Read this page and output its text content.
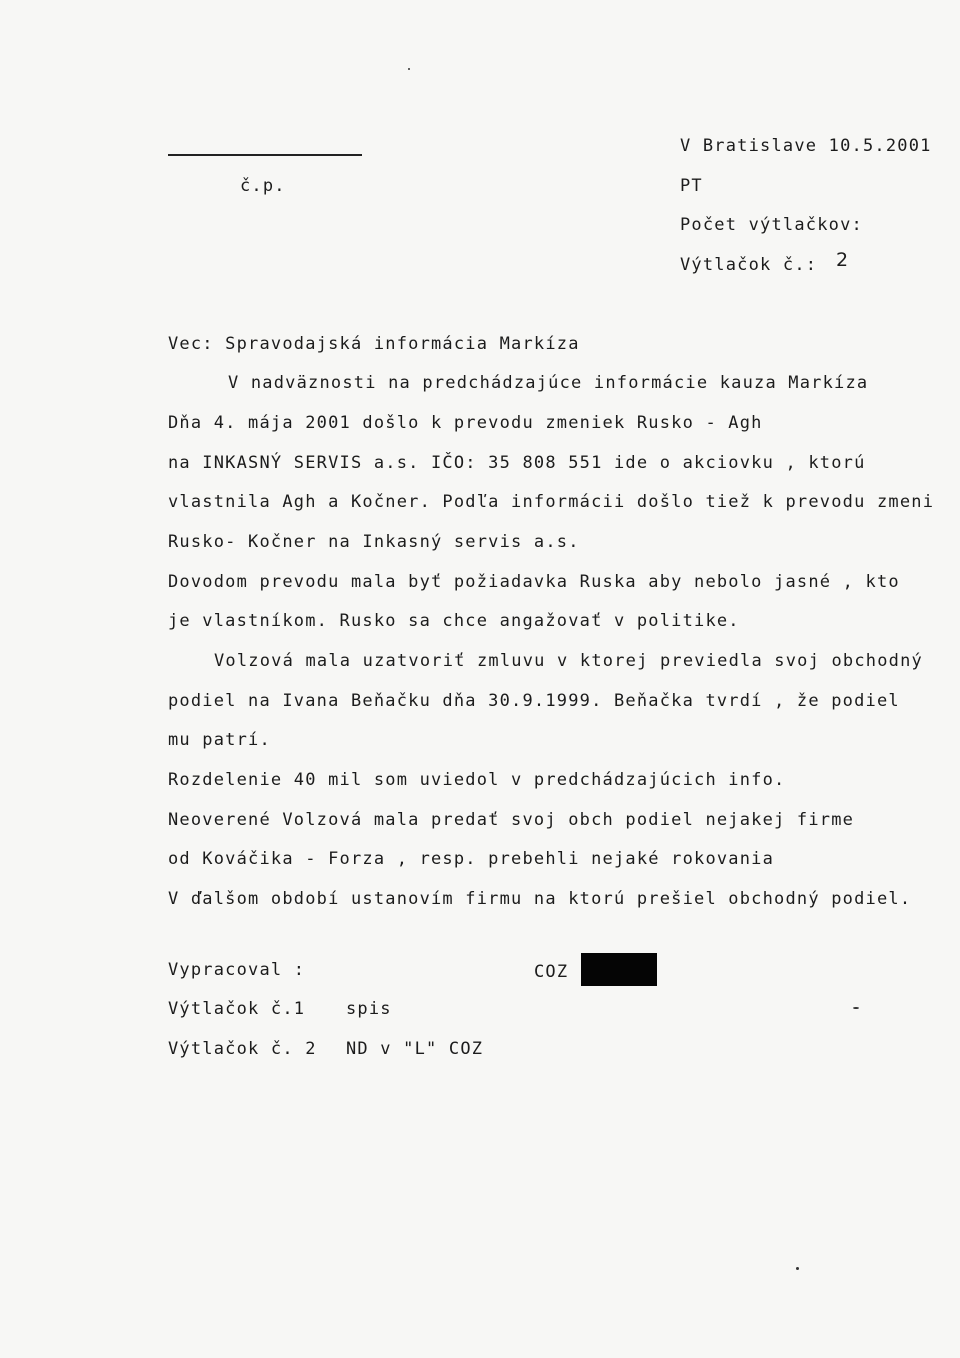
č.p.
V Bratislave 10.5.2001
PT
Počet výtlačkov:
Výtlačok č.: 2
Vec: Spravodajská informácia Markíza
V nadväznosti na predchádzajúce informácie kauza Markíza
Dňa 4. mája 2001 došlo k prevodu zmeniek Rusko - Agh
na INKASNÝ SERVIS a.s. IČO: 35 808 551 ide o akciovku , ktorú
vlastnila Agh a Kočner. Podľa informácii došlo tiež k prevodu zmeni
Rusko- Kočner na Inkasný servis a.s.
Dovodom prevodu mala byť požiadavka Ruska aby nebolo jasné , kto
je vlastníkom. Rusko sa chce angažovať v politike.
Volzová mala uzatvoriť zmluvu v ktorej previedla svoj obchodný
podiel na Ivana Beňačku dňa 30.9.1999. Beňačka tvrdí , že podiel
mu patrí.
Rozdelenie 40 mil som uviedol v predchádzajúcich info.
Neoverené Volzová mala predať svoj obch podiel nejakej firme
od Kováčika - Forza , resp. prebehli nejaké rokovania
V ďalšom období ustanovím firmu na ktorú prešiel obchodný podiel.
Vypracoval :	COZ
Výtlačok č.1 spis
Výtlačok č. 2 ND v "L" COZ
